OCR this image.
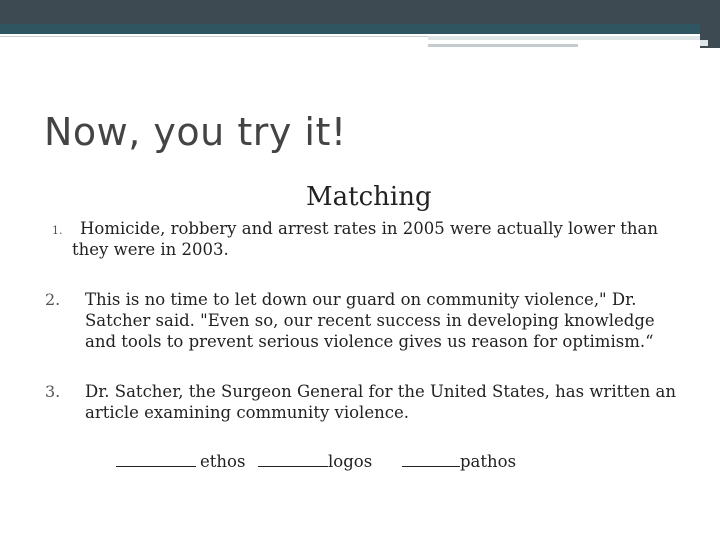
Now, you try it!
Matching
1.	Homicide, robbery and arrest rates in 2005 were actually lower than they were in 2003.
2. This is no time to let down our guard on community violence," Dr. Satcher said. "Even so, our recent success in developing knowledge and tools to prevent serious violence gives us reason for optimism.“
3. Dr. Satcher, the Surgeon General for the United States, has written an article examining community violence.
ethos	logos	pathos
